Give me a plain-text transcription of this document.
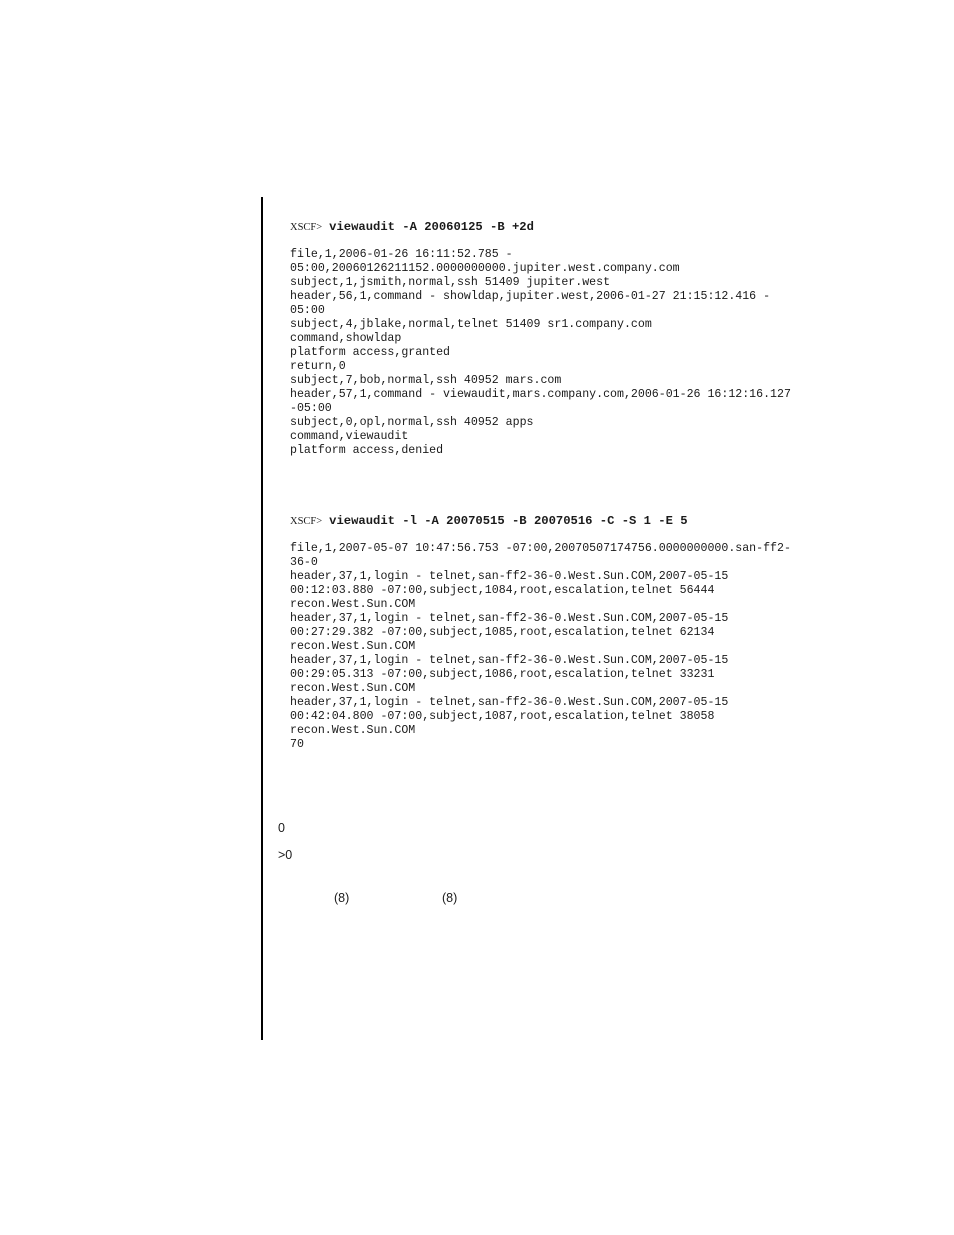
XSCF> viewaudit -A 20060125 -B +2d
file,1,2006-01-26 16:11:52.785 -
05:00,20060126211152.0000000000.jupiter.west.company.com
subject,1,jsmith,normal,ssh 51409 jupiter.west
header,56,1,command - showldap,jupiter.west,2006-01-27 21:15:12.416 -
05:00
subject,4,jblake,normal,telnet 51409 sr1.company.com
command,showldap
platform access,granted
return,0
subject,7,bob,normal,ssh 40952 mars.com
header,57,1,command - viewaudit,mars.company.com,2006-01-26 16:12:16.127
-05:00
subject,0,opl,normal,ssh 40952 apps
command,viewaudit
platform access,denied
XSCF> viewaudit -l -A 20070515 -B 20070516 -C -S 1 -E 5
file,1,2007-05-07 10:47:56.753 -07:00,20070507174756.0000000000.san-ff2-
36-0
header,37,1,login - telnet,san-ff2-36-0.West.Sun.COM,2007-05-15
00:12:03.880 -07:00,subject,1084,root,escalation,telnet 56444
recon.West.Sun.COM
header,37,1,login - telnet,san-ff2-36-0.West.Sun.COM,2007-05-15
00:27:29.382 -07:00,subject,1085,root,escalation,telnet 62134
recon.West.Sun.COM
header,37,1,login - telnet,san-ff2-36-0.West.Sun.COM,2007-05-15
00:29:05.313 -07:00,subject,1086,root,escalation,telnet 33231
recon.West.Sun.COM
header,37,1,login - telnet,san-ff2-36-0.West.Sun.COM,2007-05-15
00:42:04.800 -07:00,subject,1087,root,escalation,telnet 38058
recon.West.Sun.COM
70
0
>0
(8)	(8)
